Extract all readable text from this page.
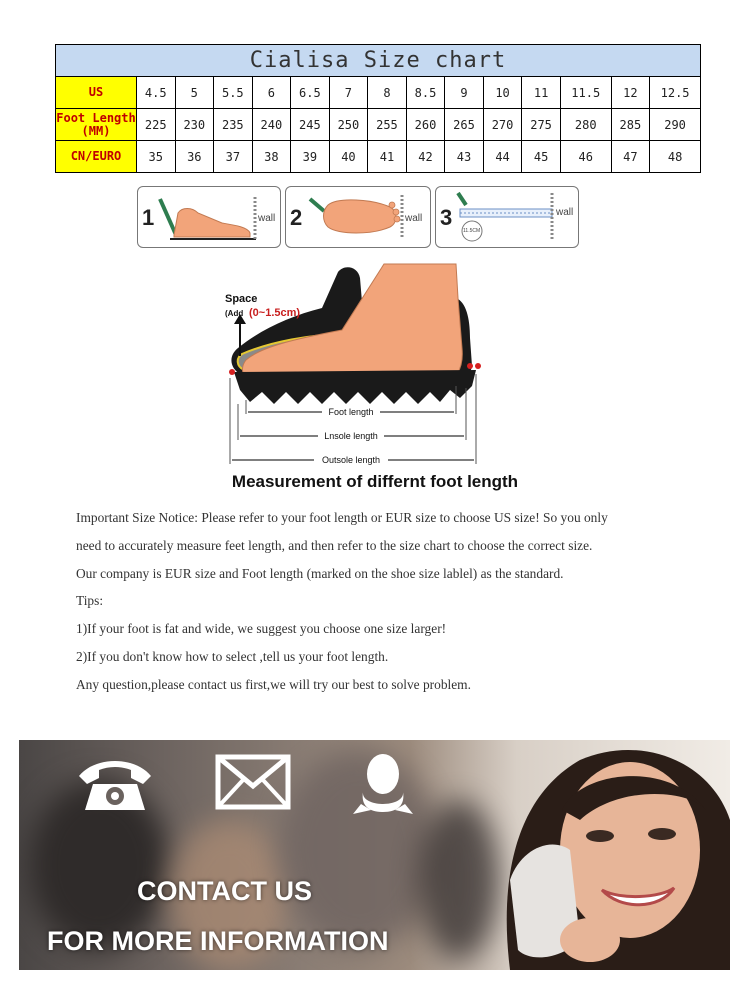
Cialisa Size chart														
US	4.5	5	5.5	6	6.5	7	8	8.5	9	10	11	11.5	12	12.5

Foot Length
(MM)	225	230	235	240	245	250	255	260	265	270	275	280	285	290
CN/EURO	35	36	37	38	39	40	41	42	43	44	45	46	47	48
1	wall 2	wall 3
11.5CM
wall
Space
(Add (0~1.5cm)
Foot length
Lnsole length
Outsole length
Measurement of differnt foot length

Important Size Notice: Please refer to your foot length or EUR size to choose US size! So you only

need to accurately measure feet length, and then refer to the size chart to choose the correct size.

Our company is EUR size and Foot length (marked on the shoe size lablel) as the standard.

Tips:

1)If your foot is fat and wide, we suggest you choose one size larger!

2)If you don't know how to select ,tell us your foot length.

Any question,please contact us first,we will try our best to solve problem.

CONTACT US
FOR MORE INFORMATION
